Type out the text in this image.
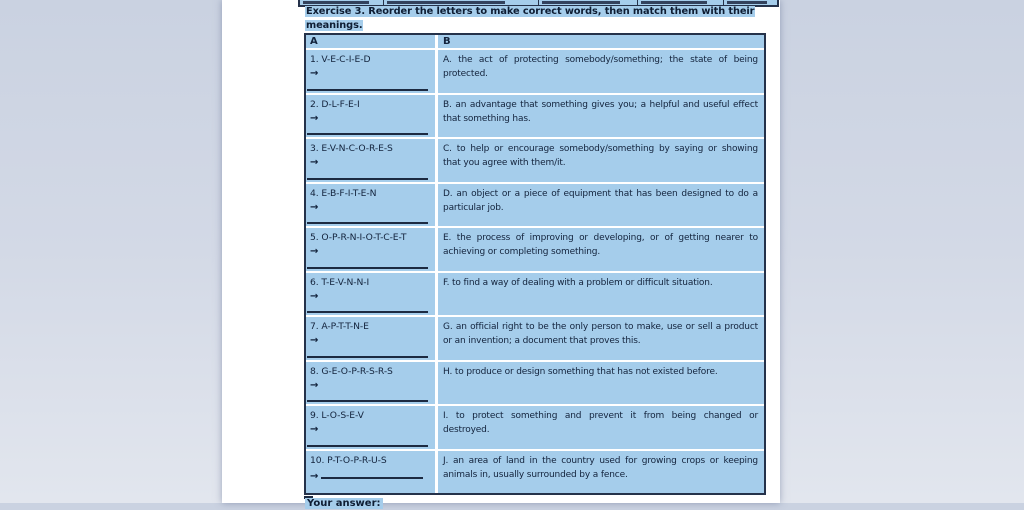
Exercise 3. Reorder the letters to make correct words, then match them with their meanings.
A	B
1. V-E-C-I-E-D
→
A. the act of protecting somebody/something; the state of being protected.
2. D-L-F-E-I
→
B. an advantage that something gives you; a helpful and useful effect that something has.
3. E-V-N-C-O-R-E-S
→
C. to help or encourage somebody/something by saying or showing that you agree with them/it.
4. E-B-F-I-T-E-N
→
D. an object or a piece of equipment that has been designed to do a particular job.
5. O-P-R-N-I-O-T-C-E-T
→
E. the process of improving or developing, or of getting nearer to achieving or completing something.
6. T-E-V-N-N-I
→
F. to find a way of dealing with a problem or difficult situation.
7. A-P-T-T-N-E
→
G. an official right to be the only person to make, use or sell a product or an invention; a document that proves this.
8. G-E-O-P-R-S-R-S
→
H. to produce or design something that has not existed before.
9. L-O-S-E-V
→
I. to protect something and prevent it from being changed or destroyed.
10. P-T-O-P-R-U-S
→
J. an area of land in the country used for growing crops or keeping animals in, usually surrounded by a fence.
Your answer:
